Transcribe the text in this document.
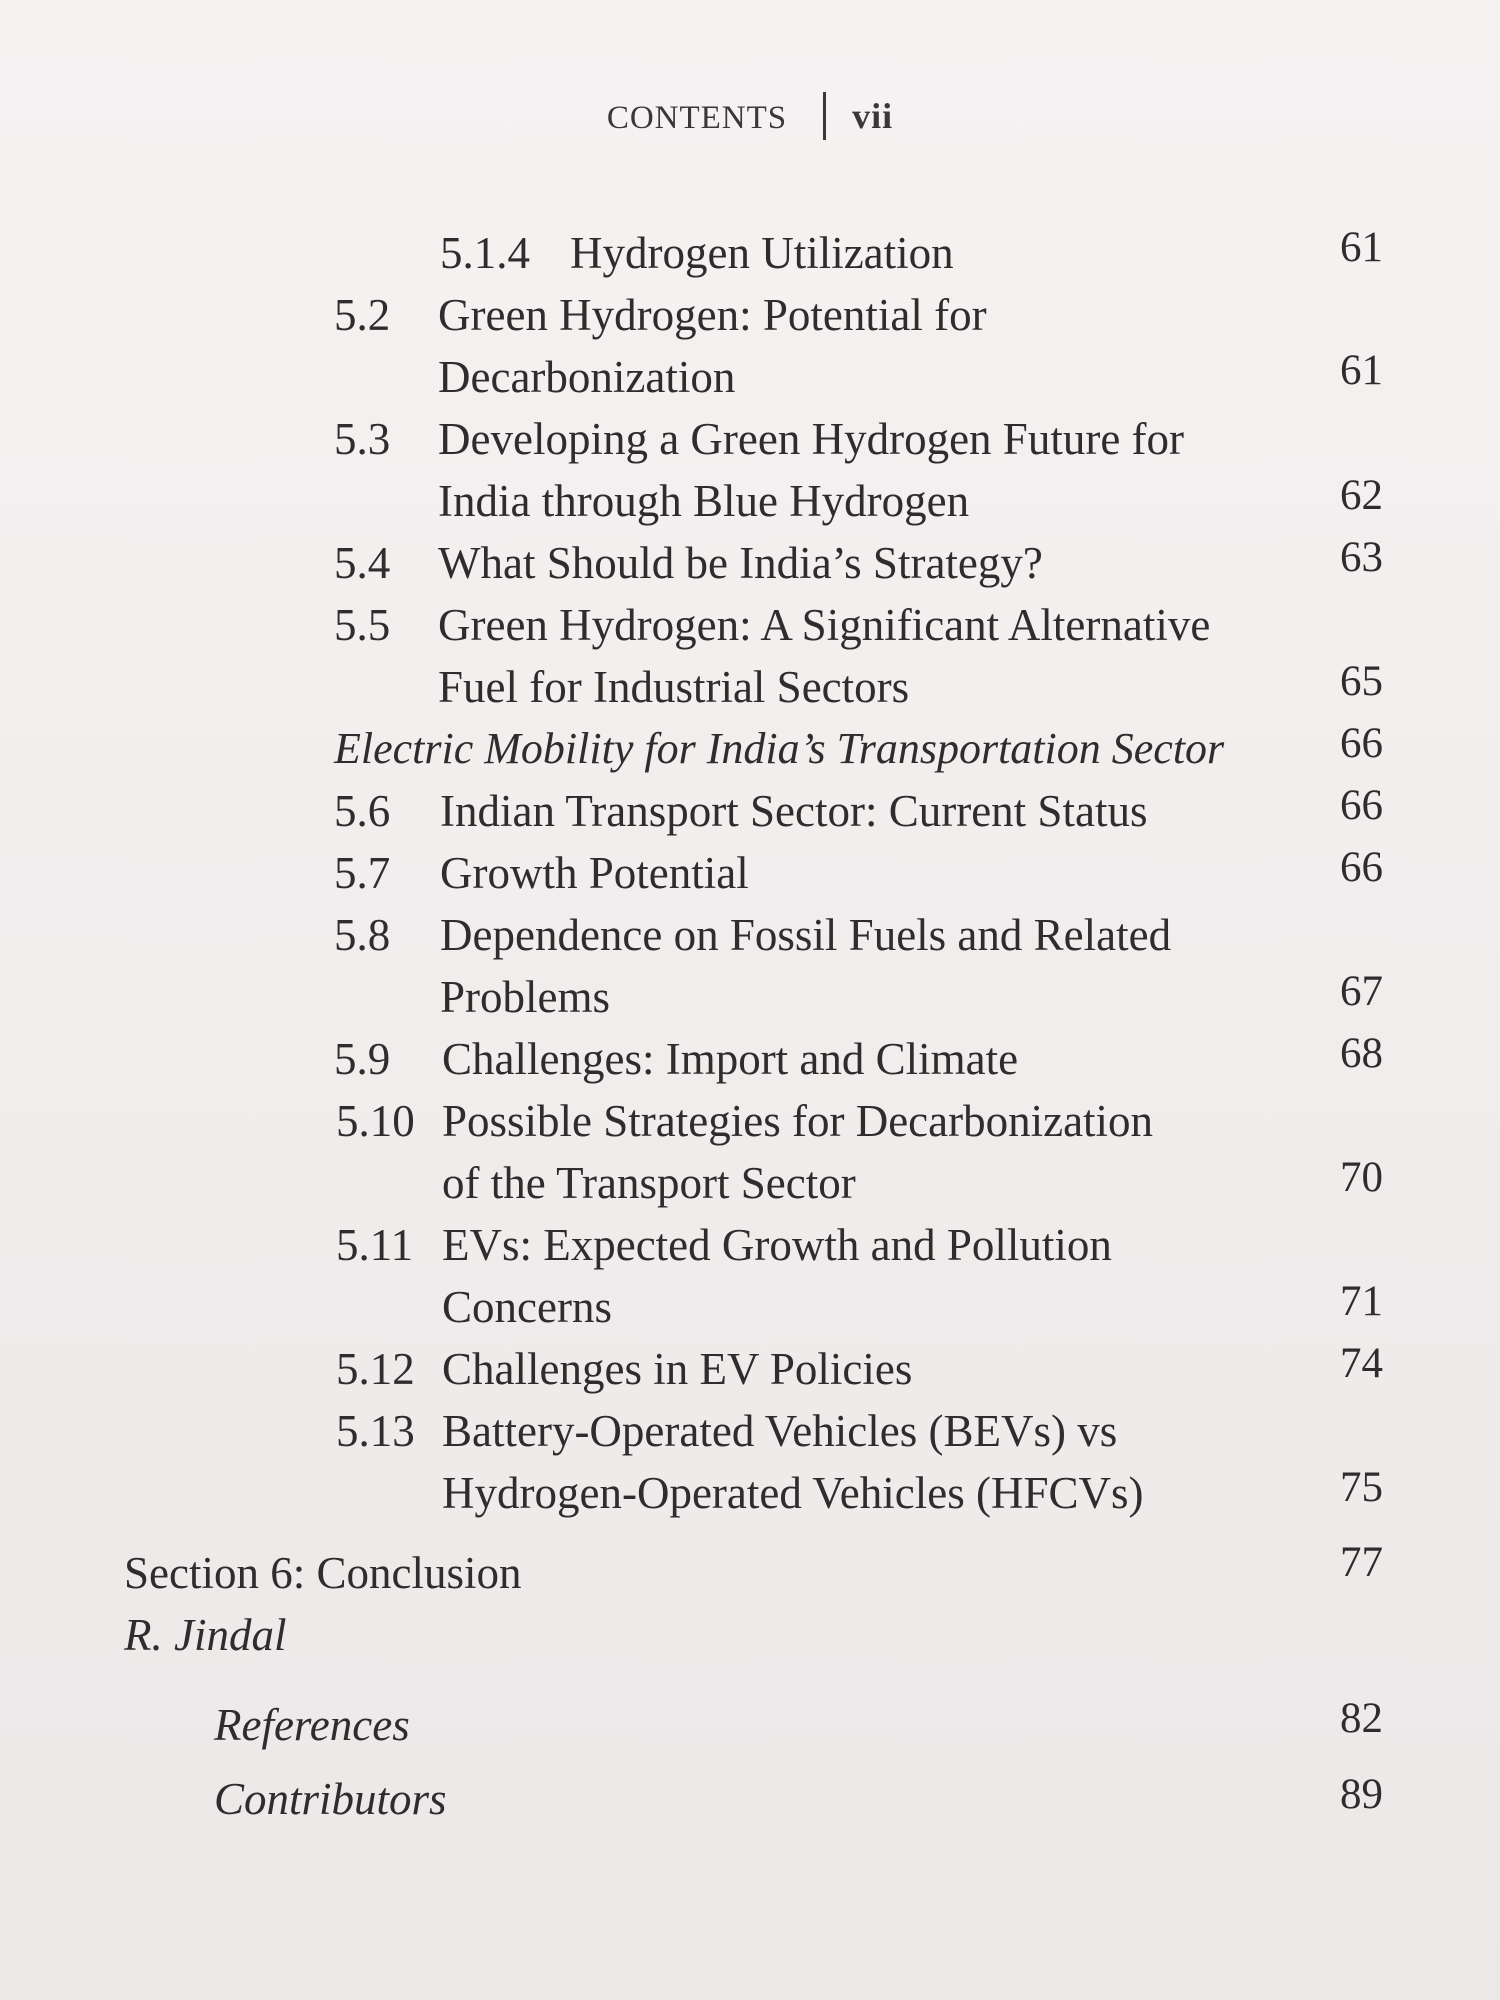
CONTENTS vii
5.1.4 Hydrogen Utilization	61
5.2 Green Hydrogen: Potential for
Decarbonization	61
5.3 Developing a Green Hydrogen Future for
India through Blue Hydrogen	62
5.4 What Should be India’s Strategy?	63
5.5 Green Hydrogen: A Significant Alternative
Fuel for Industrial Sectors	65
Electric Mobility for India’s Transportation Sector	66
5.6 Indian Transport Sector: Current Status	66
5.7 Growth Potential	66
5.8 Dependence on Fossil Fuels and Related
Problems	67
5.9 Challenges: Import and Climate	68
5.10 Possible Strategies for Decarbonization
of the Transport Sector	70
5.11 EVs: Expected Growth and Pollution
Concerns	71
5.12 Challenges in EV Policies	74
5.13 Battery-Operated Vehicles (BEVs) vs
Hydrogen-Operated Vehicles (HFCVs)	75
Section 6: Conclusion	77
R. Jindal
References	82
Contributors	89
